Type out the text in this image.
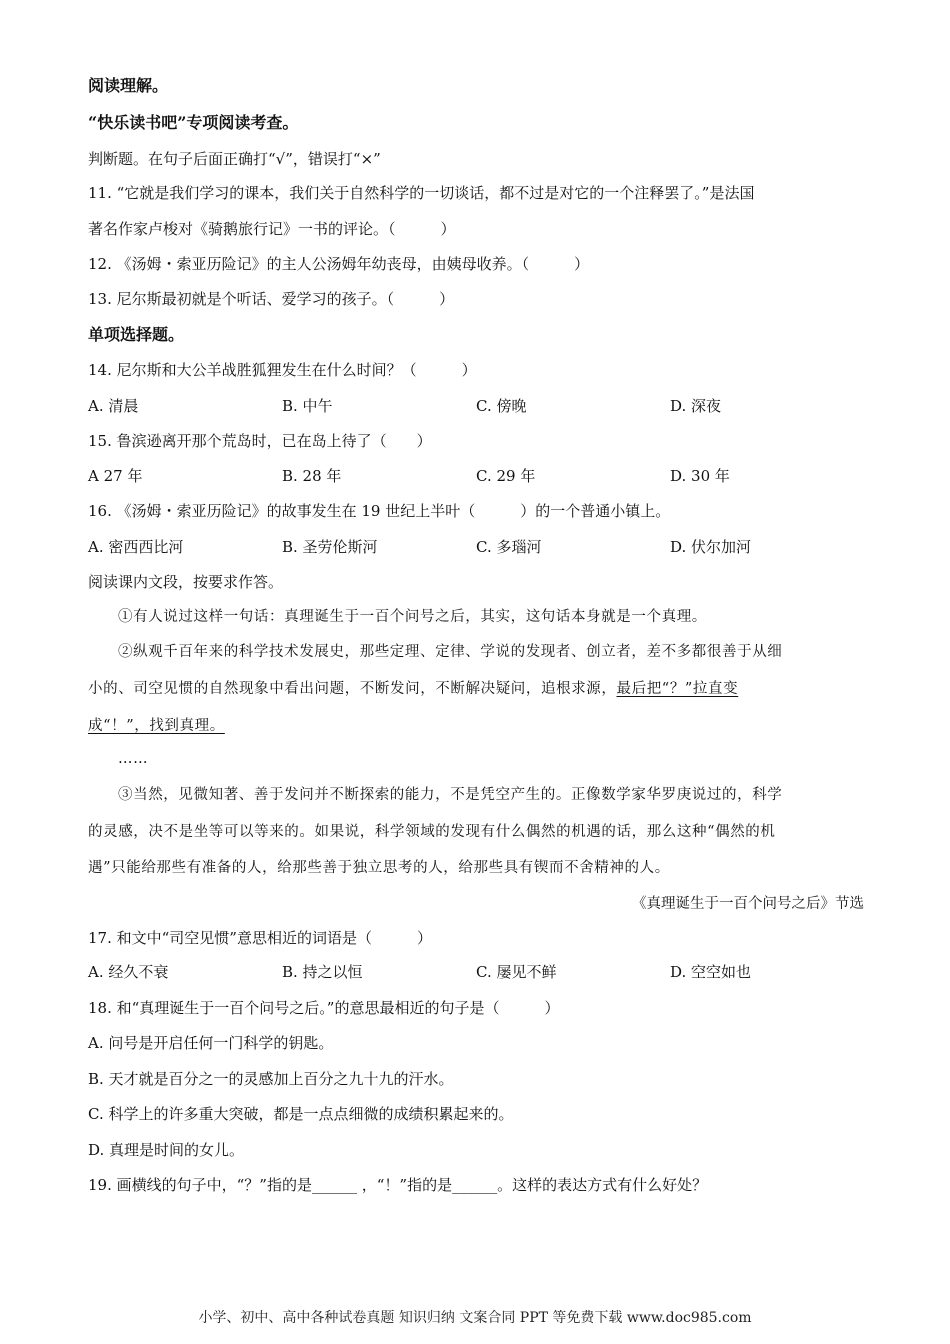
阅读理解。
“快乐读书吧”专项阅读考查。
判断题。在句子后面正确打“√”，错误打“×”
11. “它就是我们学习的课本，我们关于自然科学的一切谈话，都不过是对它的一个注释罢了。”是法国
著名作家卢梭对《骑鹅旅行记》一书的评论。（　　　）
12. 《汤姆・索亚历险记》的主人公汤姆年幼丧母，由姨母收养。（　　　）
13. 尼尔斯最初就是个听话、爱学习的孩子。（　　　）
单项选择题。
14. 尼尔斯和大公羊战胜狐狸发生在什么时间？（　　　）
A. 清晨	B. 中午	C. 傍晚	D. 深夜
15. 鲁滨逊离开那个荒岛时，已在岛上待了（　　）
A 27 年	B. 28 年	C. 29 年	D. 30 年
16. 《汤姆・索亚历险记》的故事发生在 19 世纪上半叶（　　　）的一个普通小镇上。
A. 密西西比河	B. 圣劳伦斯河	C. 多瑙河	D. 伏尔加河
阅读课内文段，按要求作答。
①有人说过这样一句话：真理诞生于一百个问号之后，其实，这句话本身就是一个真理。
②纵观千百年来的科学技术发展史，那些定理、定律、学说的发现者、创立者，差不多都很善于从细
小的、司空见惯的自然现象中看出问题，不断发问，不断解决疑问，追根求源，最后把“？”拉直变
成“！”，找到真理。
……
③当然，见微知著、善于发问并不断探索的能力，不是凭空产生的。正像数学家华罗庚说过的，科学
的灵感，决不是坐等可以等来的。如果说，科学领域的发现有什么偶然的机遇的话，那么这种“偶然的机
遇”只能给那些有准备的人，给那些善于独立思考的人，给那些具有锲而不舍精神的人。
《真理诞生于一百个问号之后》节选
17. 和文中“司空见惯”意思相近的词语是（　　　）
A. 经久不衰	B. 持之以恒	C. 屡见不鲜	D. 空空如也
18. 和“真理诞生于一百个问号之后。”的意思最相近的句子是（　　　）
A. 问号是开启任何一门科学的钥匙。
B. 天才就是百分之一的灵感加上百分之九十九的汗水。
C. 科学上的许多重大突破，都是一点点细微的成绩积累起来的。
D. 真理是时间的女儿。
19. 画横线的句子中，“？”指的是______ ，“！”指的是______。这样的表达方式有什么好处？
小学、初中、高中各种试卷真题 知识归纳 文案合同 PPT 等免费下载 www.doc985.com
